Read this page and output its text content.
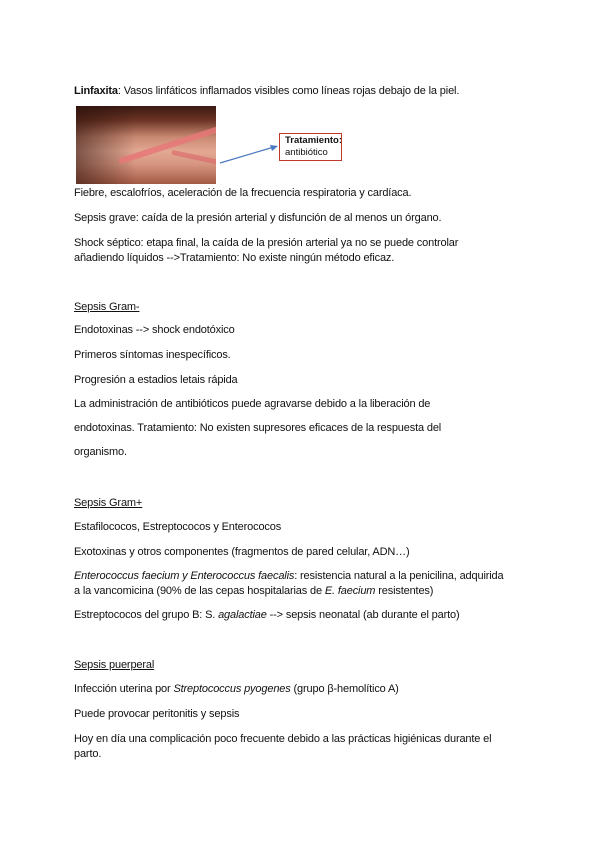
Linfaxita: Vasos linfáticos inflamados visibles como líneas rojas debajo de la piel.
Tratamiento:
antibiótico
Fiebre, escalofríos, aceleración de la frecuencia respiratoria y cardíaca.
Sepsis grave: caída de la presión arterial y disfunción de al menos un órgano.
Shock séptico: etapa final, la caída de la presión arterial ya no se puede controlar
añadiendo líquidos -->Tratamiento: No existe ningún método eficaz.
Sepsis Gram-
Endotoxinas --> shock endotóxico
Primeros síntomas inespecíficos.
Progresión a estadios letais rápida
La administración de antibióticos puede agravarse debido a la liberación de
endotoxinas. Tratamiento: No existen supresores eficaces de la respuesta del
organismo.
Sepsis Gram+
Estafilococos, Estreptococos y Enterococos
Exotoxinas y otros componentes (fragmentos de pared celular, ADN…)
Enterococcus faecium y Enterococcus faecalis: resistencia natural a la penicilina, adquirida
a la vancomicina (90% de las cepas hospitalarias de E. faecium resistentes)
Estreptococos del grupo B: S. agalactiae --> sepsis neonatal (ab durante el parto)
Sepsis puerperal
Infección uterina por Streptococcus pyogenes (grupo β-hemolítico A)
Puede provocar peritonitis y sepsis
Hoy en día una complicación poco frecuente debido a las prácticas higiénicas durante el
parto.
